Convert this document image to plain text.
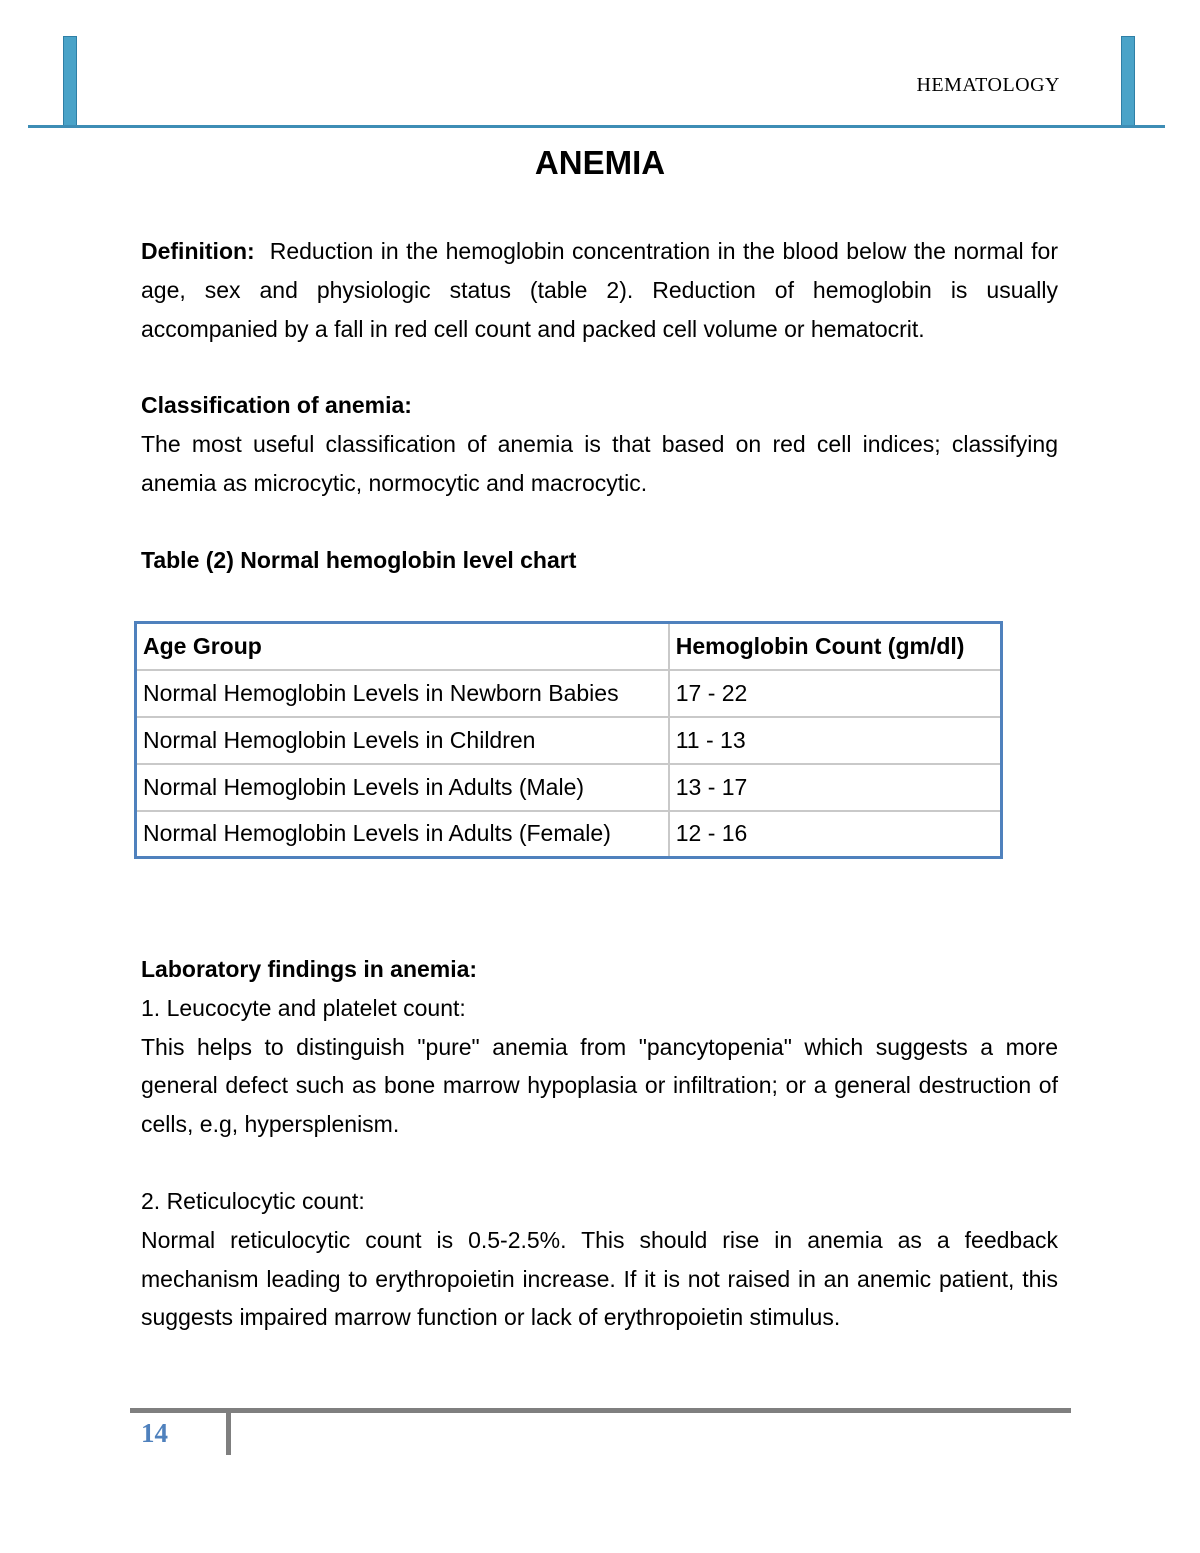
HEMATOLOGY
ANEMIA

Definition: Reduction in the hemoglobin concentration in the blood below the normal for age, sex and physiologic status (table 2). Reduction of hemoglobin is usually accompanied by a fall in red cell count and packed cell volume or hematocrit.

Classification of anemia:

The most useful classification of anemia is that based on red cell indices; classifying anemia as microcytic, normocytic and macrocytic.

Table (2) Normal hemoglobin level chart

Age Group	Hemoglobin Count (gm/dl)
Normal Hemoglobin Levels in Newborn Babies	17 - 22
Normal Hemoglobin Levels in Children	11 - 13
Normal Hemoglobin Levels in Adults (Male)	13 - 17
Normal Hemoglobin Levels in Adults (Female)	12 - 16

Laboratory findings in anemia:

1. Leucocyte and platelet count:

This helps to distinguish "pure" anemia from "pancytopenia" which suggests a more general defect such as bone marrow hypoplasia or infiltration; or a general destruction of cells, e.g, hypersplenism.

2. Reticulocytic count:

Normal reticulocytic count is 0.5-2.5%. This should rise in anemia as a feedback mechanism leading to erythropoietin increase. If it is not raised in an anemic patient, this suggests impaired marrow function or lack of erythropoietin stimulus.

14
